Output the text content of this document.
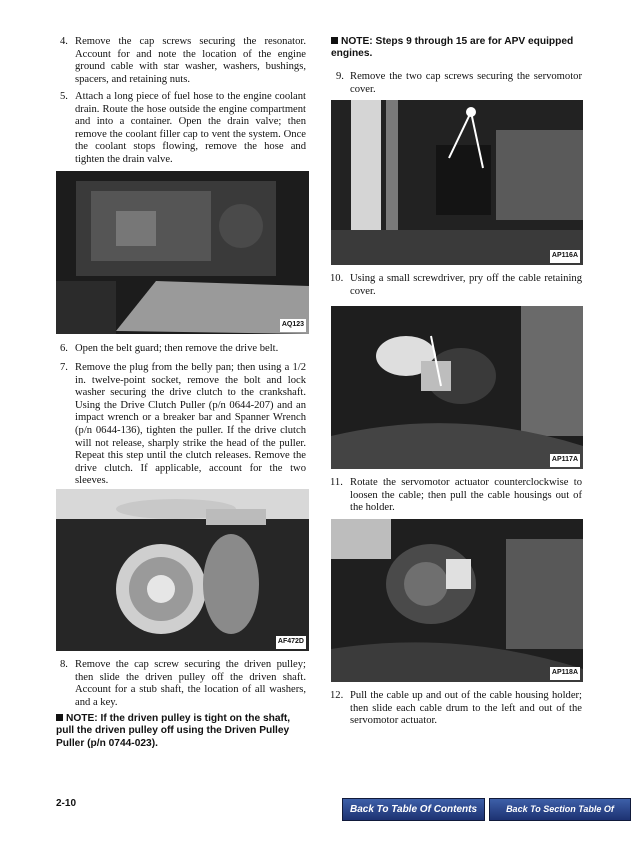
4. Remove the cap screws securing the resonator. Account for and note the location of the engine ground cable with star washer, washers, bushings, spacers, and retaining nuts.
5. Attach a long piece of fuel hose to the engine coolant drain. Route the hose outside the engine compartment and into a container. Open the drain valve; then remove the coolant filler cap to vent the system. Once the coolant stops flowing, remove the hose and tighten the drain valve.
AQ123
6. Open the belt guard; then remove the drive belt.
7. Remove the plug from the belly pan; then using a 1/2 in. twelve-point socket, remove the bolt and lock washer securing the drive clutch to the crankshaft. Using the Drive Clutch Puller (p/n 0644-207) and an impact wrench or a breaker bar and Spanner Wrench (p/n 0644-136), tighten the puller. If the drive clutch will not release, sharply strike the head of the puller. Repeat this step until the clutch releases. Remove the drive clutch. If applicable, account for the two sleeves.
AF472D
8. Remove the cap screw securing the driven pulley; then slide the driven pulley off the driven shaft. Account for a stub shaft, the location of all washers, and a key.
NOTE: If the driven pulley is tight on the shaft, pull the driven pulley off using the Driven Pulley Puller (p/n 0744-023).
NOTE: Steps 9 through 15 are for APV equipped engines.
9. Remove the two cap screws securing the servomotor cover.
AP116A
10. Using a small screwdriver, pry off the cable retaining cover.
AP117A
11. Rotate the servomotor actuator counterclockwise to loosen the cable; then pull the cable housings out of the holder.
AP118A
12. Pull the cable up and out of the cable housing holder; then slide each cable drum to the left and out of the servomotor actuator.
2-10
Back To Table Of Contents	Back To Section Table Of Contents
